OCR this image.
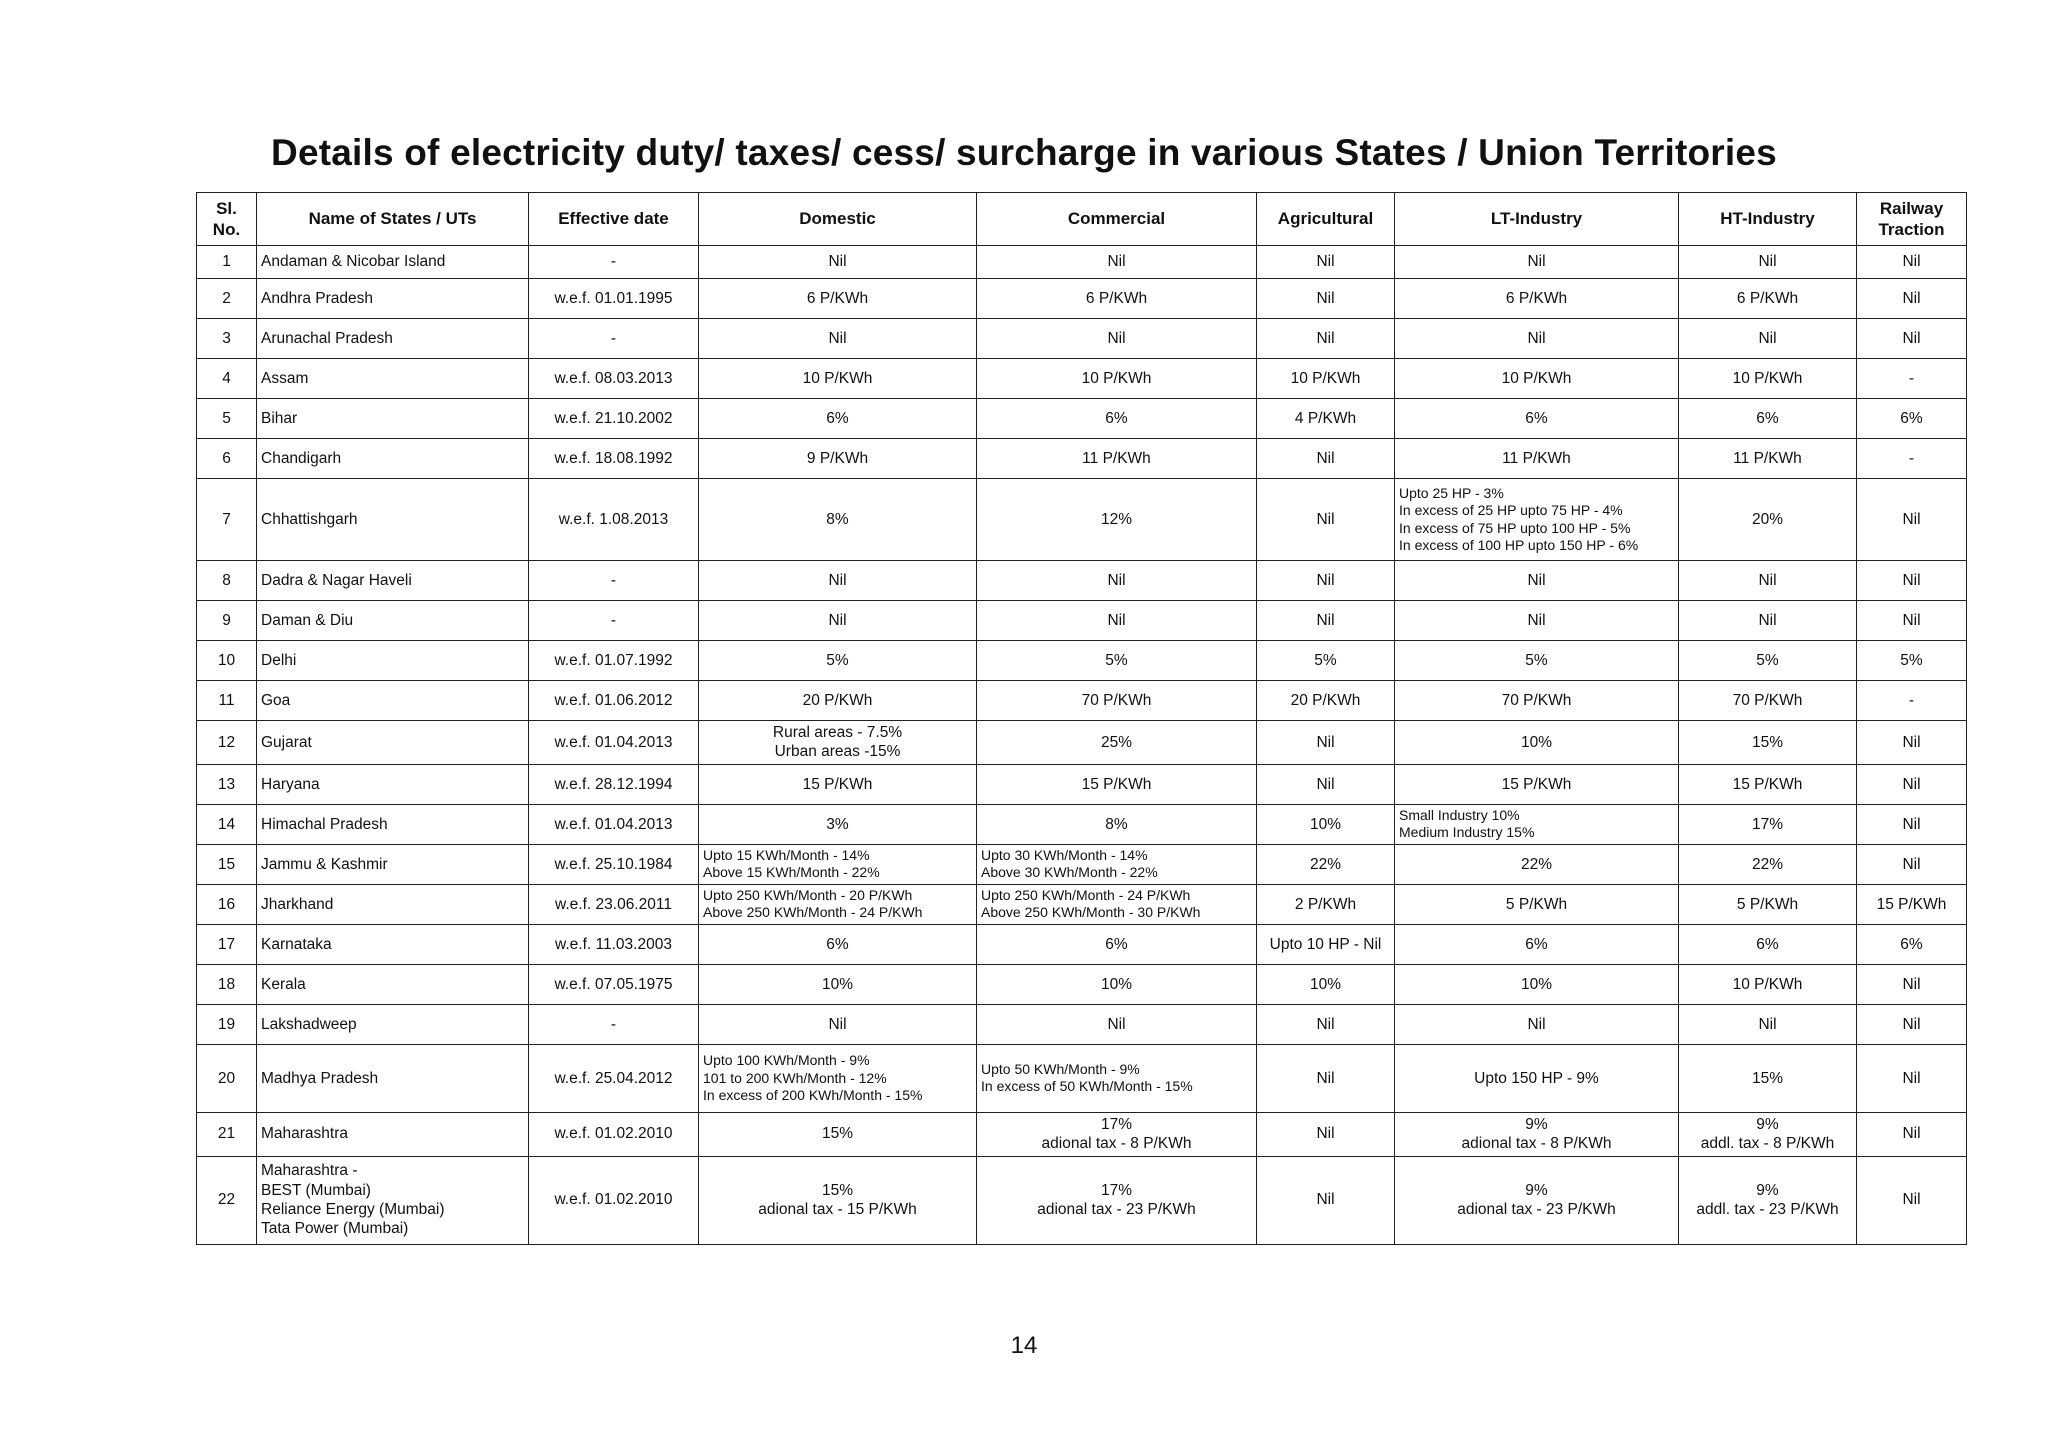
Details of electricity duty/ taxes/ cess/ surcharge in various States / Union Territories
Sl. No.	Name of States / UTs	Effective date	Domestic	Commercial	Agricultural	LT-Industry	HT-Industry	Railway Traction
1	Andaman & Nicobar Island	-	Nil	Nil	Nil	Nil	Nil	Nil

2	Andhra Pradesh	w.e.f. 01.01.1995	6 P/KWh	6 P/KWh	Nil	6 P/KWh	6 P/KWh	Nil

3	Arunachal Pradesh	-	Nil	Nil	Nil	Nil	Nil	Nil

4	Assam	w.e.f. 08.03.2013	10 P/KWh	10 P/KWh	10 P/KWh	10 P/KWh	10 P/KWh	-

5	Bihar	w.e.f. 21.10.2002	6%	6%	4 P/KWh	6%	6%	6%

6	Chandigarh	w.e.f. 18.08.1992	9 P/KWh	11 P/KWh	Nil	11 P/KWh	11 P/KWh	-

7	Chhattishgarh	w.e.f. 1.08.2013	8%	12%	Nil	Upto 25 HP - 3%
In excess of 25 HP upto 75 HP - 4%
In excess of 75 HP upto 100 HP - 5%
In excess of 100 HP upto 150 HP - 6%	20%	Nil

8	Dadra & Nagar Haveli	-	Nil	Nil	Nil	Nil	Nil	Nil

9	Daman & Diu	-	Nil	Nil	Nil	Nil	Nil	Nil

10	Delhi	w.e.f. 01.07.1992	5%	5%	5%	5%	5%	5%

11	Goa	w.e.f. 01.06.2012	20 P/KWh	70 P/KWh	20 P/KWh	70 P/KWh	70 P/KWh	-

12	Gujarat	w.e.f. 01.04.2013	Rural areas - 7.5%
Urban areas -15%	25%	Nil	10%	15%	Nil

13	Haryana	w.e.f. 28.12.1994	15 P/KWh	15 P/KWh	Nil	15 P/KWh	15 P/KWh	Nil

14	Himachal Pradesh	w.e.f. 01.04.2013	3%	8%	10%	Small Industry 10%
Medium Industry 15%	17%	Nil

15	Jammu & Kashmir	w.e.f. 25.10.1984	Upto 15 KWh/Month - 14%
Above 15 KWh/Month - 22%	Upto 30 KWh/Month - 14%
Above 30 KWh/Month - 22%	22%	22%	22%	Nil

16	Jharkhand	w.e.f. 23.06.2011	Upto 250 KWh/Month - 20 P/KWh
Above 250 KWh/Month - 24 P/KWh	Upto 250 KWh/Month - 24 P/KWh
Above 250 KWh/Month - 30 P/KWh	2 P/KWh	5 P/KWh	5 P/KWh	15 P/KWh

17	Karnataka	w.e.f. 11.03.2003	6%	6%	Upto 10 HP - Nil	6%	6%	6%

18	Kerala	w.e.f. 07.05.1975	10%	10%	10%	10%	10 P/KWh	Nil

19	Lakshadweep	-	Nil	Nil	Nil	Nil	Nil	Nil

20	Madhya Pradesh	w.e.f. 25.04.2012	Upto 100 KWh/Month - 9%
101 to 200 KWh/Month - 12%
In excess of 200 KWh/Month - 15%	Upto 50 KWh/Month - 9%
In excess of 50 KWh/Month - 15%	Nil	Upto 150 HP - 9%	15%	Nil

21	Maharashtra	w.e.f. 01.02.2010	15%	17%
adional tax - 8 P/KWh	Nil	9%
adional tax - 8 P/KWh	9%
addl. tax - 8 P/KWh	Nil

22	Maharashtra -
BEST (Mumbai)
Reliance Energy (Mumbai)
Tata Power (Mumbai)	w.e.f. 01.02.2010	15%
adional tax - 15 P/KWh	17%
adional tax - 23 P/KWh	Nil	9%
adional tax - 23 P/KWh	9%
addl. tax - 23 P/KWh	Nil
14
